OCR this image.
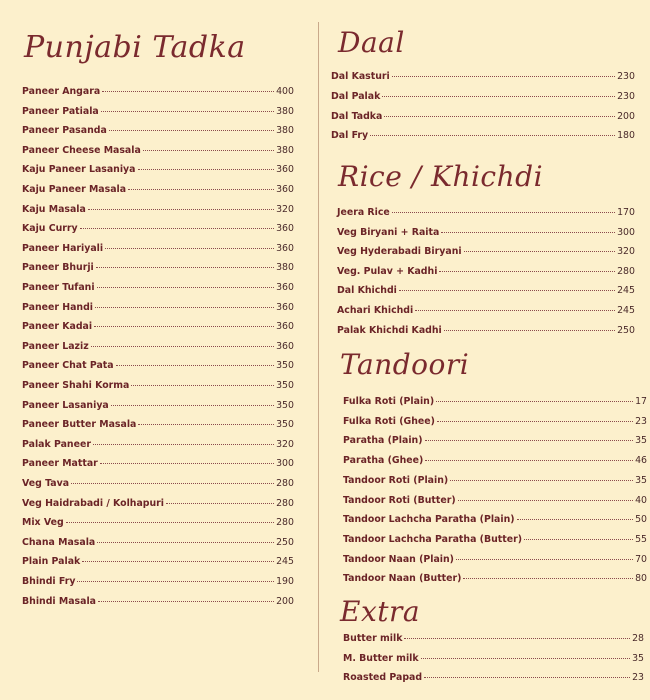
Punjabi Tadka
Paneer Angara	400
Paneer Patiala	380
Paneer Pasanda	380
Paneer Cheese Masala	380
Kaju Paneer Lasaniya	360
Kaju Paneer Masala	360
Kaju Masala	320
Kaju Curry	360
Paneer Hariyali	360
Paneer Bhurji	380
Paneer Tufani	360
Paneer Handi	360
Paneer Kadai	360
Paneer Laziz	360
Paneer Chat Pata	350
Paneer Shahi Korma	350
Paneer Lasaniya	350
Paneer Butter Masala	350
Palak Paneer	320
Paneer Mattar	300
Veg Tava	280
Veg Haidrabadi / Kolhapuri	280
Mix Veg	280
Chana Masala	250
Plain Palak	245
Bhindi Fry	190
Bhindi Masala	200
Daal
Dal Kasturi	230
Dal Palak	230
Dal Tadka	200
Dal Fry	180
Rice / Khichdi
Jeera Rice	170
Veg Biryani + Raita	300
Veg Hyderabadi Biryani	320
Veg. Pulav + Kadhi	280
Dal Khichdi	245
Achari Khichdi	245
Palak Khichdi Kadhi	250
Tandoori
Fulka Roti (Plain)	17
Fulka Roti (Ghee)	23
Paratha (Plain)	35
Paratha (Ghee)	46
Tandoor Roti (Plain)	35
Tandoor Roti (Butter)	40
Tandoor Lachcha Paratha (Plain)	50
Tandoor Lachcha Paratha (Butter)	55
Tandoor Naan (Plain)	70
Tandoor Naan (Butter)	80
Extra
Butter milk	28
M. Butter milk	35
Roasted Papad	23
